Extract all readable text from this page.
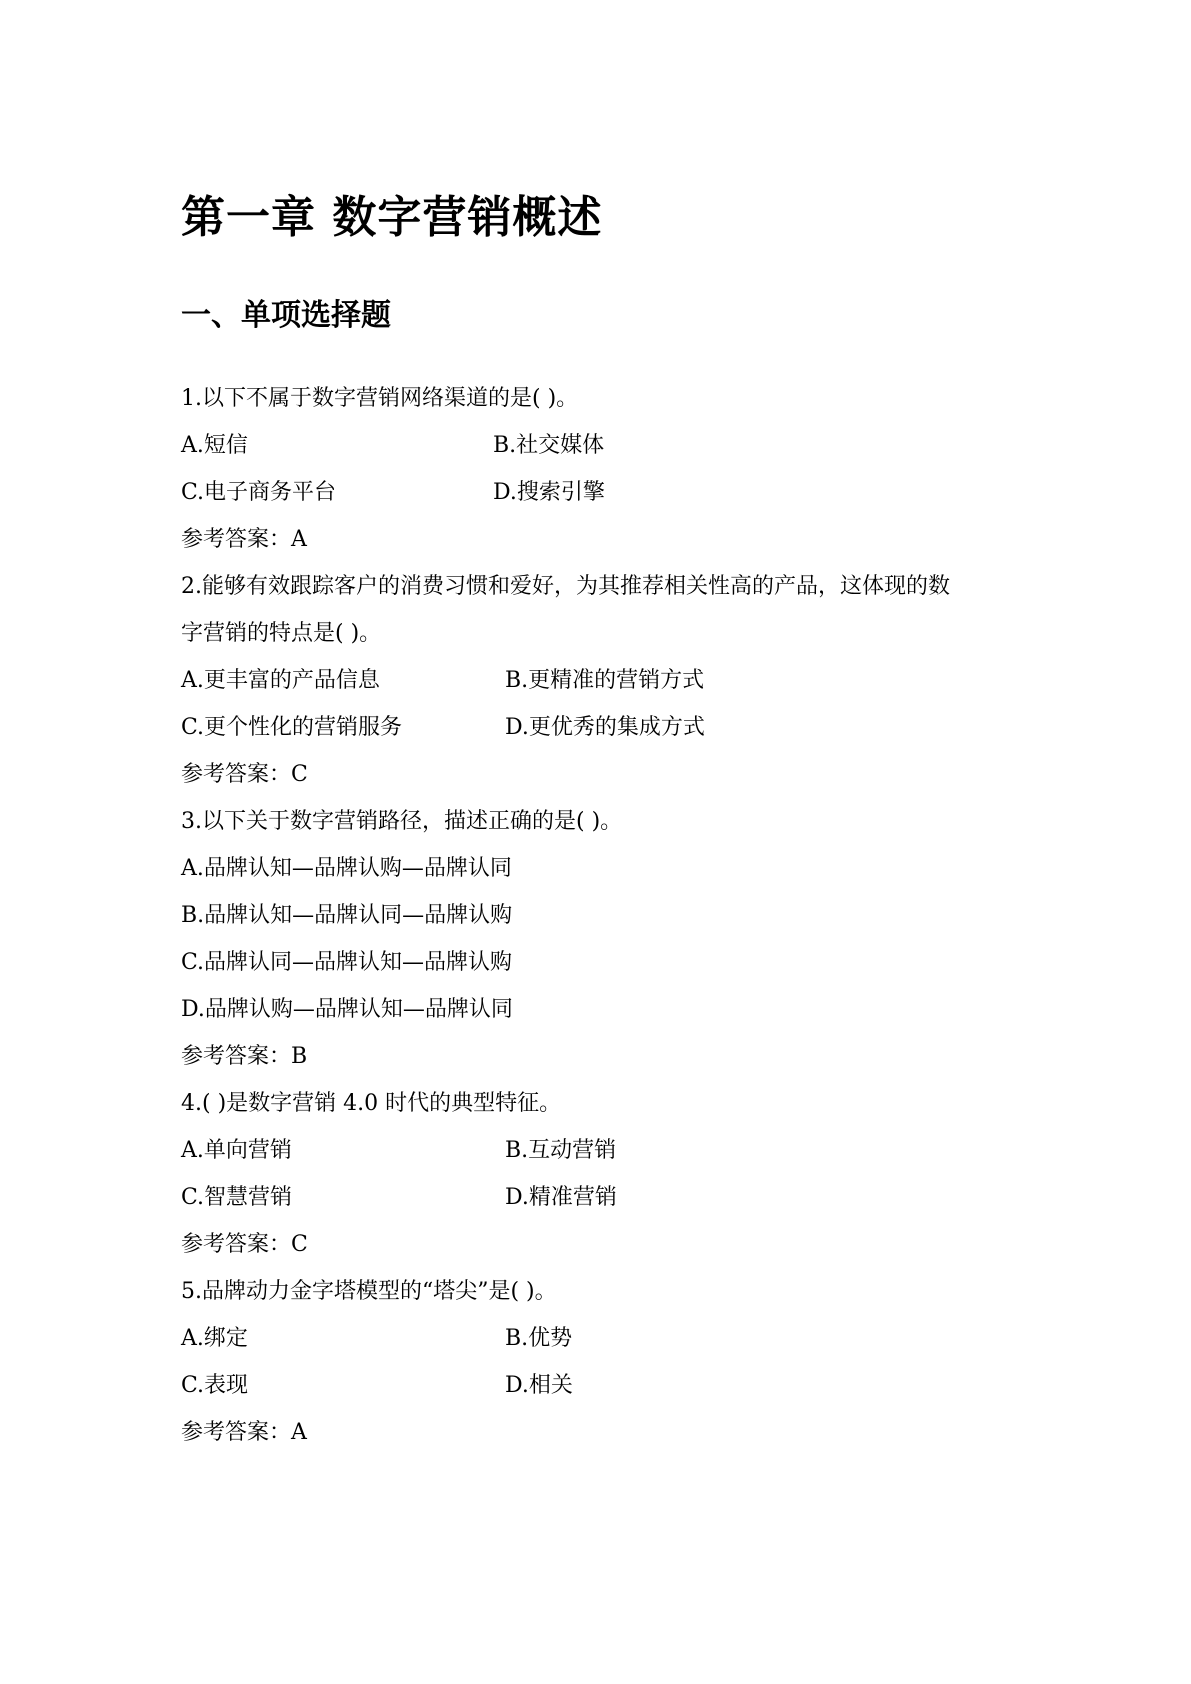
第一章 数字营销概述
一、单项选择题
1.以下不属于数字营销网络渠道的是( )。
A.短信	B.社交媒体
C.电子商务平台	D.搜索引擎
参考答案：A
2.能够有效跟踪客户的消费习惯和爱好，为其推荐相关性高的产品，这体现的数
字营销的特点是( )。
A.更丰富的产品信息	B.更精准的营销方式
C.更个性化的营销服务	D.更优秀的集成方式
参考答案：C
3.以下关于数字营销路径，描述正确的是( )。
A.品牌认知—品牌认购—品牌认同
B.品牌认知—品牌认同—品牌认购
C.品牌认同—品牌认知—品牌认购
D.品牌认购—品牌认知—品牌认同
参考答案：B
4.( )是数字营销 4.0 时代的典型特征。
A.单向营销	B.互动营销
C.智慧营销	D.精准营销
参考答案：C
5.品牌动力金字塔模型的“塔尖”是( )。
A.绑定	B.优势
C.表现	D.相关
参考答案：A
